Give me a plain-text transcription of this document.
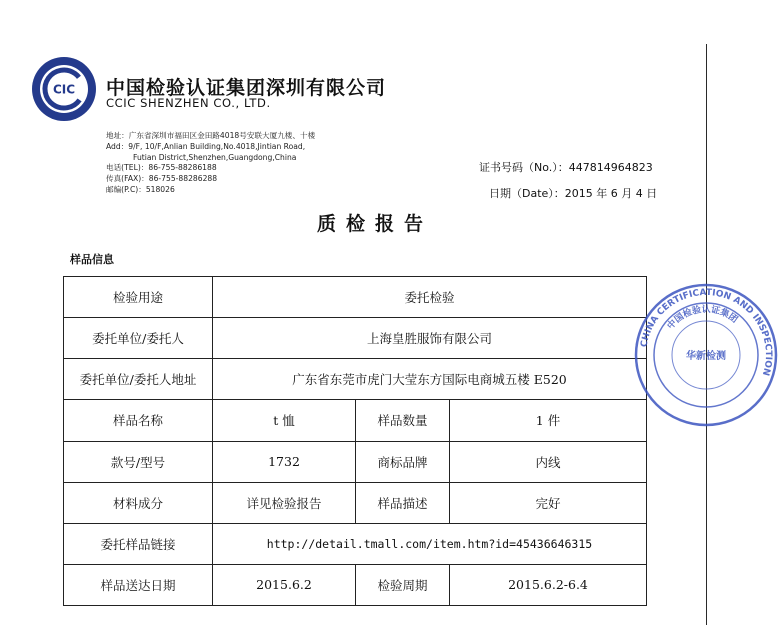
CIC 中国检验认证集团深圳有限公司
CCIC SHENZHEN CO., LTD.
地址：广东省深圳市福田区金田路4018号安联大厦九楼、十楼
Add：9/F, 10/F,Anlian Building,No.4018,Jintian Road,
Futian District,Shenzhen,Guangdong,China
电话(TEL)：86-755-88286188
传真(FAX)：86-755-88286288
邮编(P.C)：518026
证书号码（No.）：447814964823
日期（Date）：2015 年 6 月 4 日
质检报告
样品信息
检验用途	委托检验		
委托单位/委托人	上海皇胜服饰有限公司		
委托单位/委托人地址	广东省东莞市虎门大莹东方国际电商城五楼 E520		
样品名称	t 恤	样品数量	1 件
款号/型号	1732	商标品牌	内线
材料成分	详见检验报告	样品描述	完好
委托样品链接	http://detail.tmall.com/item.htm?id=45436646315		
样品送达日期	2015.6.2	检验周期	2015.6.2-6.4
CHINA CERTIFICATION AND INSPECTION
中国检验认证集团
华新检测
